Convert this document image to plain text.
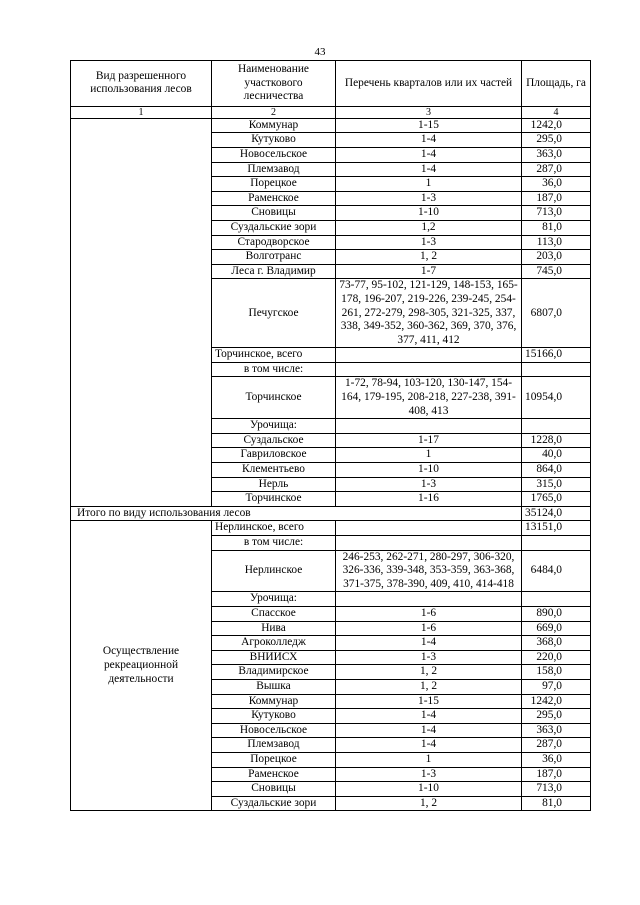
43
Вид разрешенного использования лесов	Наименование участкового лесничества	Перечень кварталов или их частей	Площадь, га
1	2	3	4
	Коммунар	1-15	1242,0
	Кутуково	1-4	295,0
	Новосельское	1-4	363,0
	Племзавод	1-4	287,0
	Порецкое	1	36,0
	Раменское	1-3	187,0
	Сновицы	1-10	713,0
	Суздальские зори	1,2	81,0
	Стародворское	1-3	113,0
	Волготранс	1, 2	203,0
	Леса г. Владимир	1-7	745,0
	Печугское	73-77, 95-102, 121-129, 148-153, 165-178, 196-207, 219-226, 239-245, 254-261, 272-279, 298-305, 321-325, 337, 338, 349-352, 360-362, 369, 370, 376, 377, 411, 412	6807,0
	Торчинское, всего		15166,0
	в том числе:		
	Торчинское	1-72, 78-94, 103-120, 130-147, 154-164, 179-195, 208-218, 227-238, 391-408, 413	10954,0
	Урочища:		
	Суздальское	1-17	1228,0
	Гавриловское	1	40,0
	Клементьево	1-10	864,0
	Нерль	1-3	315,0
	Торчинское	1-16	1765,0
Итого по виду использования лесов			35124,0
Осуществление рекреационной деятельности	Нерлинское, всего		13151,0
	в том числе:		
	Нерлинское	246-253, 262-271, 280-297, 306-320, 326-336, 339-348, 353-359, 363-368, 371-375, 378-390, 409, 410, 414-418	6484,0
	Урочища:		
	Спасское	1-6	890,0
	Нива	1-6	669,0
	Агроколледж	1-4	368,0
	ВНИИСХ	1-3	220,0
	Владимирское	1, 2	158,0
	Вышка	1, 2	97,0
	Коммунар	1-15	1242,0
	Кутуково	1-4	295,0
	Новосельское	1-4	363,0
	Племзавод	1-4	287,0
	Порецкое	1	36,0
	Раменское	1-3	187,0
	Сновицы	1-10	713,0
	Суздальские зори	1, 2	81,0
